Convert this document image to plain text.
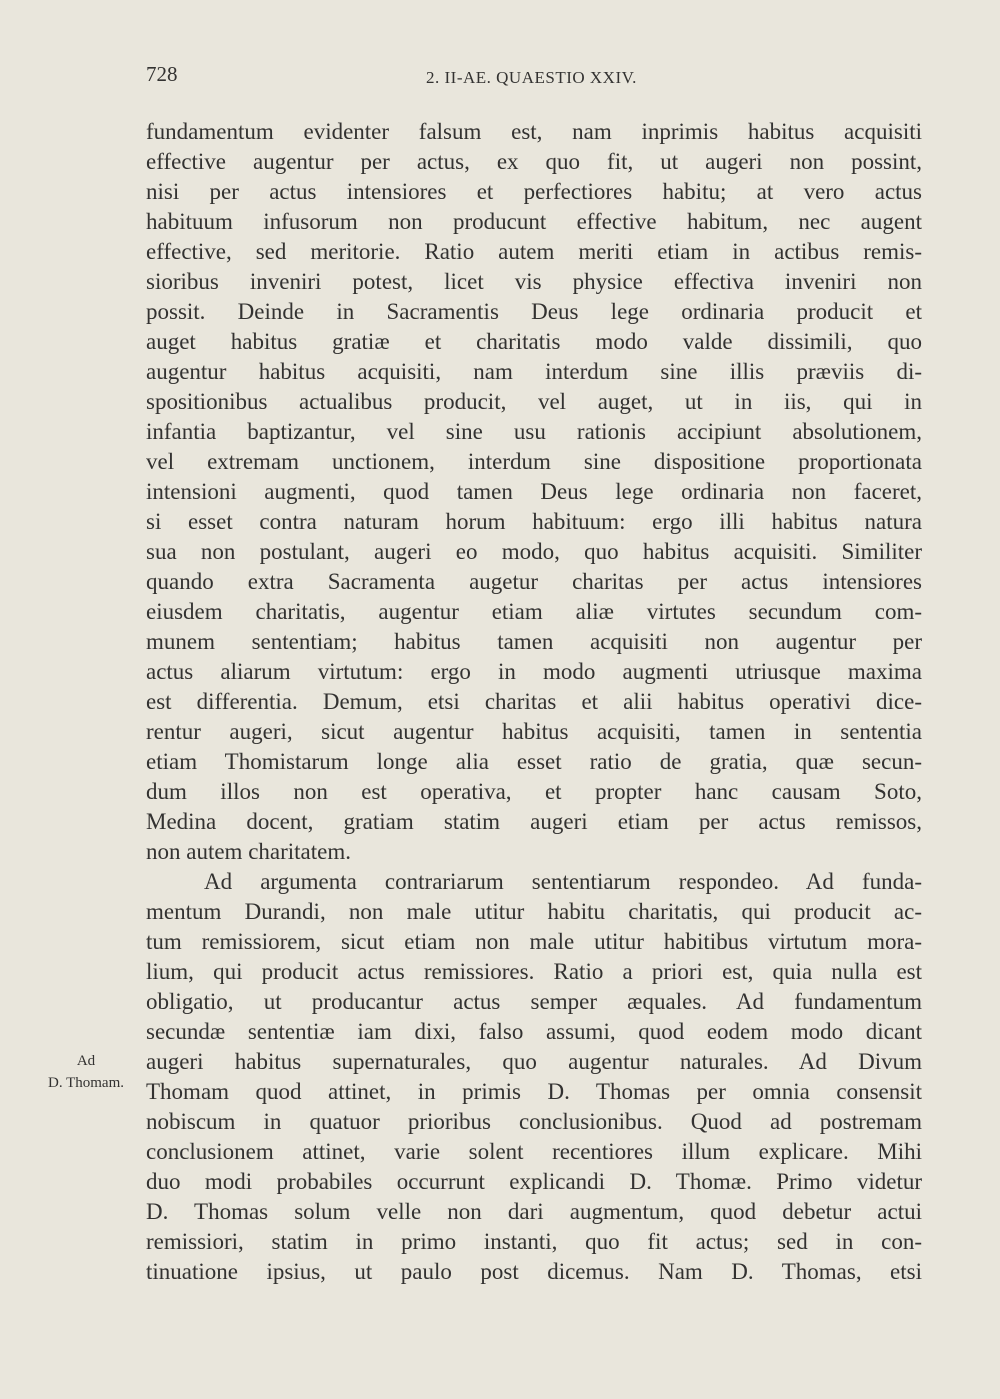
728	2. II-AE. QUAESTIO XXIV.
Ad
D. Thomam.
fundamentum evidenter falsum est, nam inprimis habitus acquisiti
effective augentur per actus, ex quo fit, ut augeri non possint,
nisi per actus intensiores et perfectiores habitu; at vero actus
habituum infusorum non producunt effective habitum, nec augent
effective, sed meritorie. Ratio autem meriti etiam in actibus remis-
sioribus inveniri potest, licet vis physice effectiva inveniri non
possit. Deinde in Sacramentis Deus lege ordinaria producit et
auget habitus gratiæ et charitatis modo valde dissimili, quo
augentur habitus acquisiti, nam interdum sine illis præviis di-
spositionibus actualibus producit, vel auget, ut in iis, qui in
infantia baptizantur, vel sine usu rationis accipiunt absolutionem,
vel extremam unctionem, interdum sine dispositione proportionata
intensioni augmenti, quod tamen Deus lege ordinaria non faceret,
si esset contra naturam horum habituum: ergo illi habitus natura
sua non postulant, augeri eo modo, quo habitus acquisiti. Similiter
quando extra Sacramenta augetur charitas per actus intensiores
eiusdem charitatis, augentur etiam aliæ virtutes secundum com-
munem sententiam; habitus tamen acquisiti non augentur per
actus aliarum virtutum: ergo in modo augmenti utriusque maxima
est differentia. Demum, etsi charitas et alii habitus operativi dice-
rentur augeri, sicut augentur habitus acquisiti, tamen in sententia
etiam Thomistarum longe alia esset ratio de gratia, quæ secun-
dum illos non est operativa, et propter hanc causam Soto,
Medina docent, gratiam statim augeri etiam per actus remissos,
non autem charitatem.
Ad argumenta contrariarum sententiarum respondeo. Ad funda-
mentum Durandi, non male utitur habitu charitatis, qui producit ac-
tum remissiorem, sicut etiam non male utitur habitibus virtutum mora-
lium, qui producit actus remissiores. Ratio a priori est, quia nulla est
obligatio, ut producantur actus semper æquales. Ad fundamentum
secundæ sententiæ iam dixi, falso assumi, quod eodem modo dicant
augeri habitus supernaturales, quo augentur naturales. Ad Divum
Thomam quod attinet, in primis D. Thomas per omnia consensit
nobiscum in quatuor prioribus conclusionibus. Quod ad postremam
conclusionem attinet, varie solent recentiores illum explicare. Mihi
duo modi probabiles occurrunt explicandi D. Thomæ. Primo videtur
D. Thomas solum velle non dari augmentum, quod debetur actui
remissiori, statim in primo instanti, quo fit actus; sed in con-
tinuatione ipsius, ut paulo post dicemus. Nam D. Thomas, etsi
